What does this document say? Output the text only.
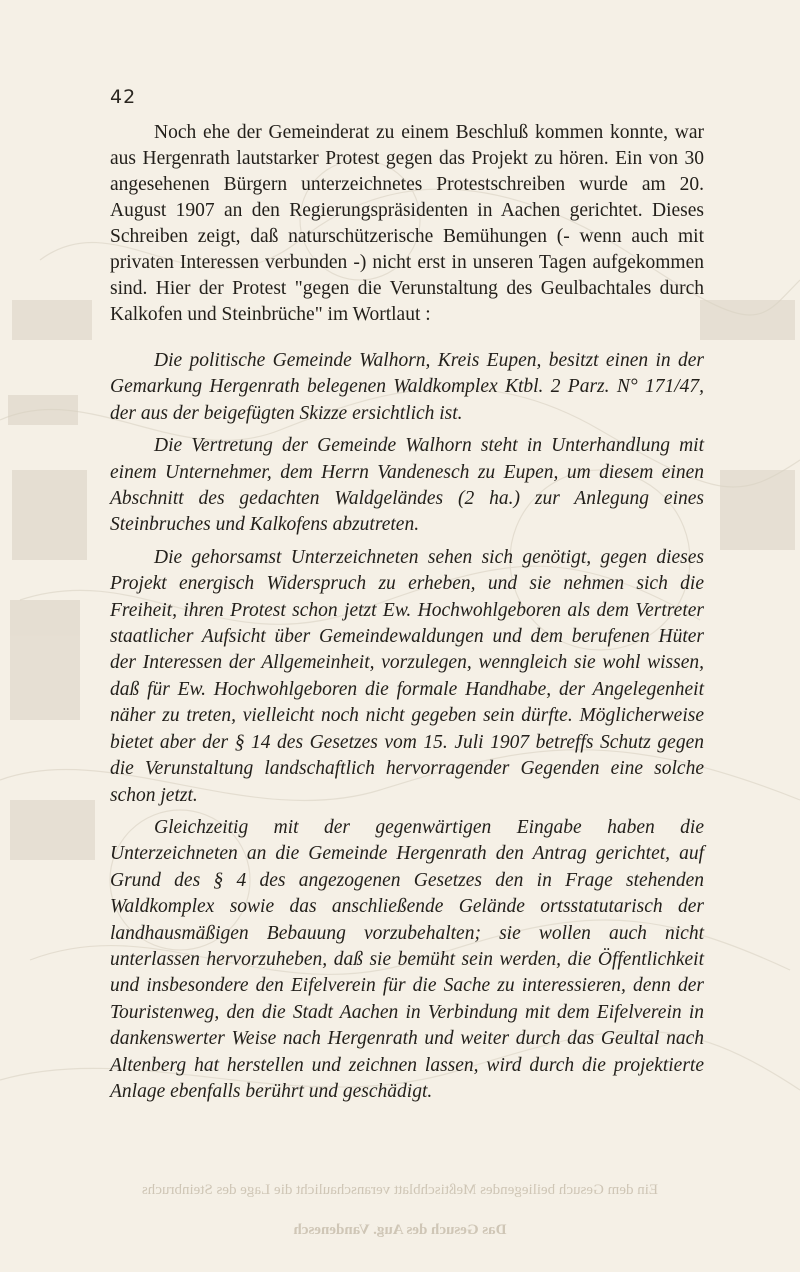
42

Noch ehe der Gemeinderat zu einem Beschluß kommen konnte, war aus Hergenrath lautstarker Protest gegen das Projekt zu hören. Ein von 30 angesehenen Bürgern unterzeichnetes Protestschreiben wurde am 20. August 1907 an den Regierungspräsidenten in Aachen gerichtet. Dieses Schreiben zeigt, daß naturschützerische Bemühungen (- wenn auch mit privaten Interessen verbunden -) nicht erst in unseren Tagen aufgekommen sind. Hier der Protest "gegen die Verunstaltung des Geulbachtales durch Kalkofen und Steinbrüche" im Wortlaut :

Die politische Gemeinde Walhorn, Kreis Eupen, besitzt einen in der Gemarkung Hergenrath belegenen Waldkomplex Ktbl. 2 Parz. N° 171/47, der aus der beigefügten Skizze ersichtlich ist.

Die Vertretung der Gemeinde Walhorn steht in Unterhandlung mit einem Unternehmer, dem Herrn Vandenesch zu Eupen, um diesem einen Abschnitt des gedachten Waldgeländes (2 ha.) zur Anlegung eines Steinbruches und Kalkofens abzutreten.

Die gehorsamst Unterzeichneten sehen sich genötigt, gegen dieses Projekt energisch Widerspruch zu erheben, und sie nehmen sich die Freiheit, ihren Protest schon jetzt Ew. Hochwohlgeboren als dem Vertreter staatlicher Aufsicht über Gemeindewaldungen und dem berufenen Hüter der Interessen der Allgemeinheit, vorzulegen, wenngleich sie wohl wissen, daß für Ew. Hochwohlgeboren die formale Handhabe, der Angelegenheit näher zu treten, vielleicht noch nicht gegeben sein dürfte. Möglicherweise bietet aber der § 14 des Gesetzes vom 15. Juli 1907 betreffs Schutz gegen die Verunstaltung landschaftlich hervorragender Gegenden eine solche schon jetzt.

Gleichzeitig mit der gegenwärtigen Eingabe haben die Unterzeichneten an die Gemeinde Hergenrath den Antrag gerichtet, auf Grund des § 4 des angezogenen Gesetzes den in Frage stehenden Waldkomplex sowie das anschließende Gelände ortsstatutarisch der landhausmäßigen Bebauung vorzubehalten; sie wollen auch nicht unterlassen hervorzuheben, daß sie bemüht sein werden, die Öffentlichkeit und insbesondere den Eifelverein für die Sache zu interessieren, denn der Touristenweg, den die Stadt Aachen in Verbindung mit dem Eifelverein in dankenswerter Weise nach Hergenrath und weiter durch das Geultal nach Altenberg hat herstellen und zeichnen lassen, wird durch die projektierte Anlage ebenfalls berührt und geschädigt.

Ein dem Gesuch beiliegendes Meßtischblatt veranschaulicht die Lage des Steinbruchs
Das Gesuch des Aug. Vandenesch
